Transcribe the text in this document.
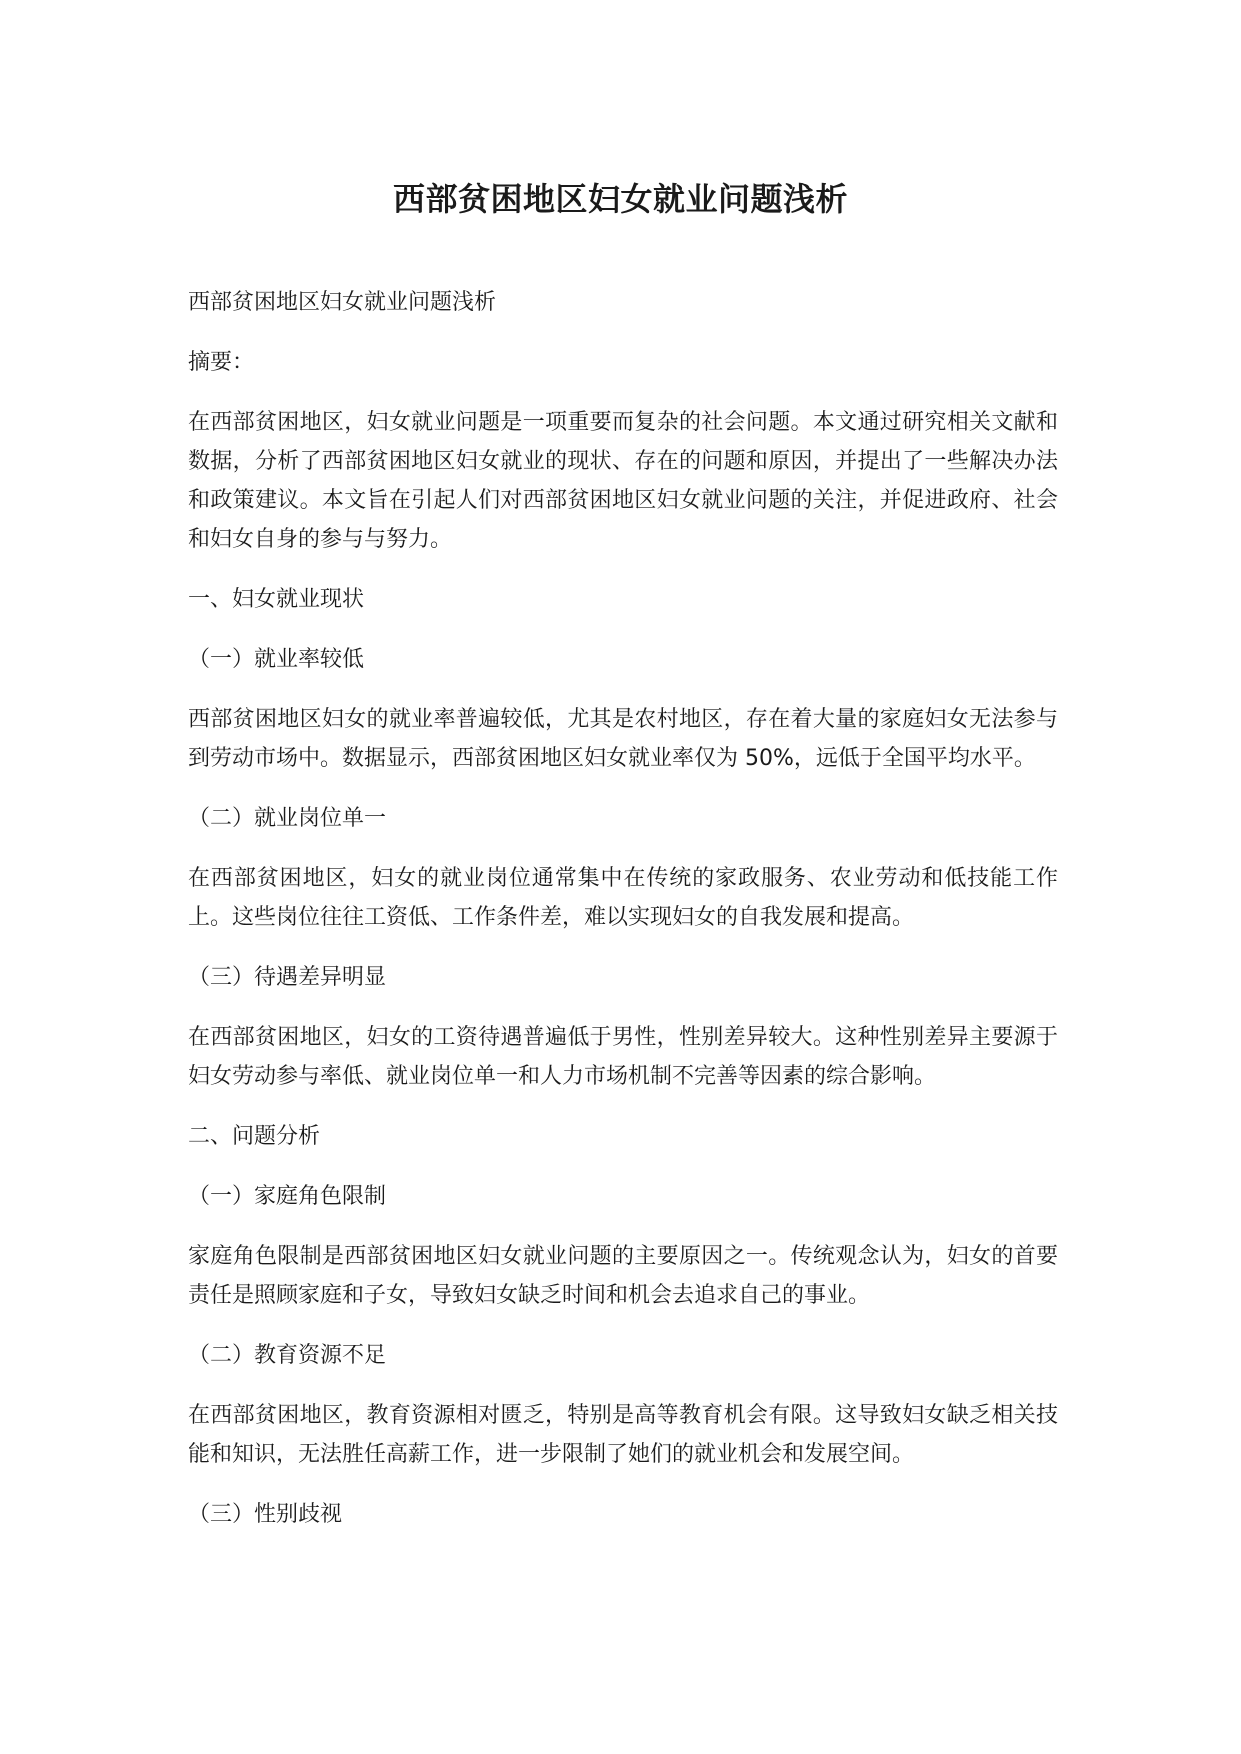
西部贫困地区妇女就业问题浅析

西部贫困地区妇女就业问题浅析

摘要：

在西部贫困地区，妇女就业问题是一项重要而复杂的社会问题。本文通过研究相关文献和数据，分析了西部贫困地区妇女就业的现状、存在的问题和原因，并提出了一些解决办法和政策建议。本文旨在引起人们对西部贫困地区妇女就业问题的关注，并促进政府、社会和妇女自身的参与与努力。

一、妇女就业现状

（一）就业率较低

西部贫困地区妇女的就业率普遍较低，尤其是农村地区，存在着大量的家庭妇女无法参与到劳动市场中。数据显示，西部贫困地区妇女就业率仅为 50%，远低于全国平均水平。

（二）就业岗位单一

在西部贫困地区，妇女的就业岗位通常集中在传统的家政服务、农业劳动和低技能工作上。这些岗位往往工资低、工作条件差，难以实现妇女的自我发展和提高。

（三）待遇差异明显

在西部贫困地区，妇女的工资待遇普遍低于男性，性别差异较大。这种性别差异主要源于妇女劳动参与率低、就业岗位单一和人力市场机制不完善等因素的综合影响。

二、问题分析

（一）家庭角色限制

家庭角色限制是西部贫困地区妇女就业问题的主要原因之一。传统观念认为，妇女的首要责任是照顾家庭和子女，导致妇女缺乏时间和机会去追求自己的事业。

（二）教育资源不足

在西部贫困地区，教育资源相对匮乏，特别是高等教育机会有限。这导致妇女缺乏相关技能和知识，无法胜任高薪工作，进一步限制了她们的就业机会和发展空间。

（三）性别歧视
